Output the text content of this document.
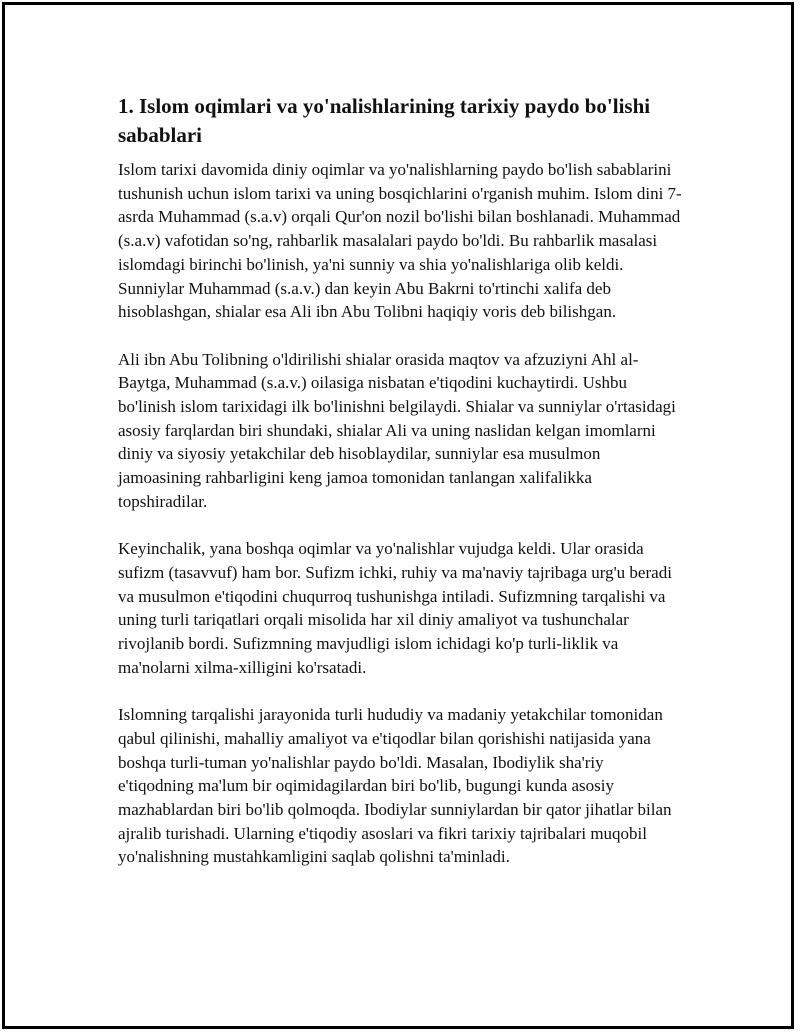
1. Islom oqimlari va yo'nalishlarining tarixiy paydo bo'lishi sabablari

Islom tarixi davomida diniy oqimlar va yo'nalishlarning paydo bo'lish sabablarini tushunish uchun islom tarixi va uning bosqichlarini o'rganish muhim. Islom dini 7-asrda Muhammad (s.a.v) orqali Qur'on nozil bo'lishi bilan boshlanadi. Muhammad (s.a.v) vafotidan so'ng, rahbarlik masalalari paydo bo'ldi. Bu rahbarlik masalasi islomdagi birinchi bo'linish, ya'ni sunniy va shia yo'nalishlariga olib keldi. Sunniylar Muhammad (s.a.v.) dan keyin Abu Bakrni to'rtinchi xalifa deb hisoblashgan, shialar esa Ali ibn Abu Tolibni haqiqiy voris deb bilishgan.

Ali ibn Abu Tolibning o'ldirilishi shialar orasida maqtov va afzuziyni Ahl al-Baytga, Muhammad (s.a.v.) oilasiga nisbatan e'tiqodini kuchaytirdi. Ushbu bo'linish islom tarixidagi ilk bo'linishni belgilaydi. Shialar va sunniylar o'rtasidagi asosiy farqlardan biri shundaki, shialar Ali va uning naslidan kelgan imomlarni diniy va siyosiy yetakchilar deb hisoblaydilar, sunniylar esa musulmon jamoasining rahbarligini keng jamoa tomonidan tanlangan xalifalikka topshiradilar.

Keyinchalik, yana boshqa oqimlar va yo'nalishlar vujudga keldi. Ular orasida sufizm (tasavvuf) ham bor. Sufizm ichki, ruhiy va ma'naviy tajribaga urg'u beradi va musulmon e'tiqodini chuqurroq tushunishga intiladi. Sufizmning tarqalishi va uning turli tariqatlari orqali misolida har xil diniy amaliyot va tushunchalar rivojlanib bordi. Sufizmning mavjudligi islom ichidagi ko'p turli-liklik va ma'nolarni xilma-xilligini ko'rsatadi.

Islomning tarqalishi jarayonida turli hududiy va madaniy yetakchilar tomonidan qabul qilinishi, mahalliy amaliyot va e'tiqodlar bilan qorishishi natijasida yana boshqa turli-tuman yo'nalishlar paydo bo'ldi. Masalan, Ibodiylik sha'riy e'tiqodning ma'lum bir oqimidagilardan biri bo'lib, bugungi kunda asosiy mazhablardan biri bo'lib qolmoqda. Ibodiylar sunniylardan bir qator jihatlar bilan ajralib turishadi. Ularning e'tiqodiy asoslari va fikri tarixiy tajribalari muqobil yo'nalishning mustahkamligini saqlab qolishni ta'minladi.
